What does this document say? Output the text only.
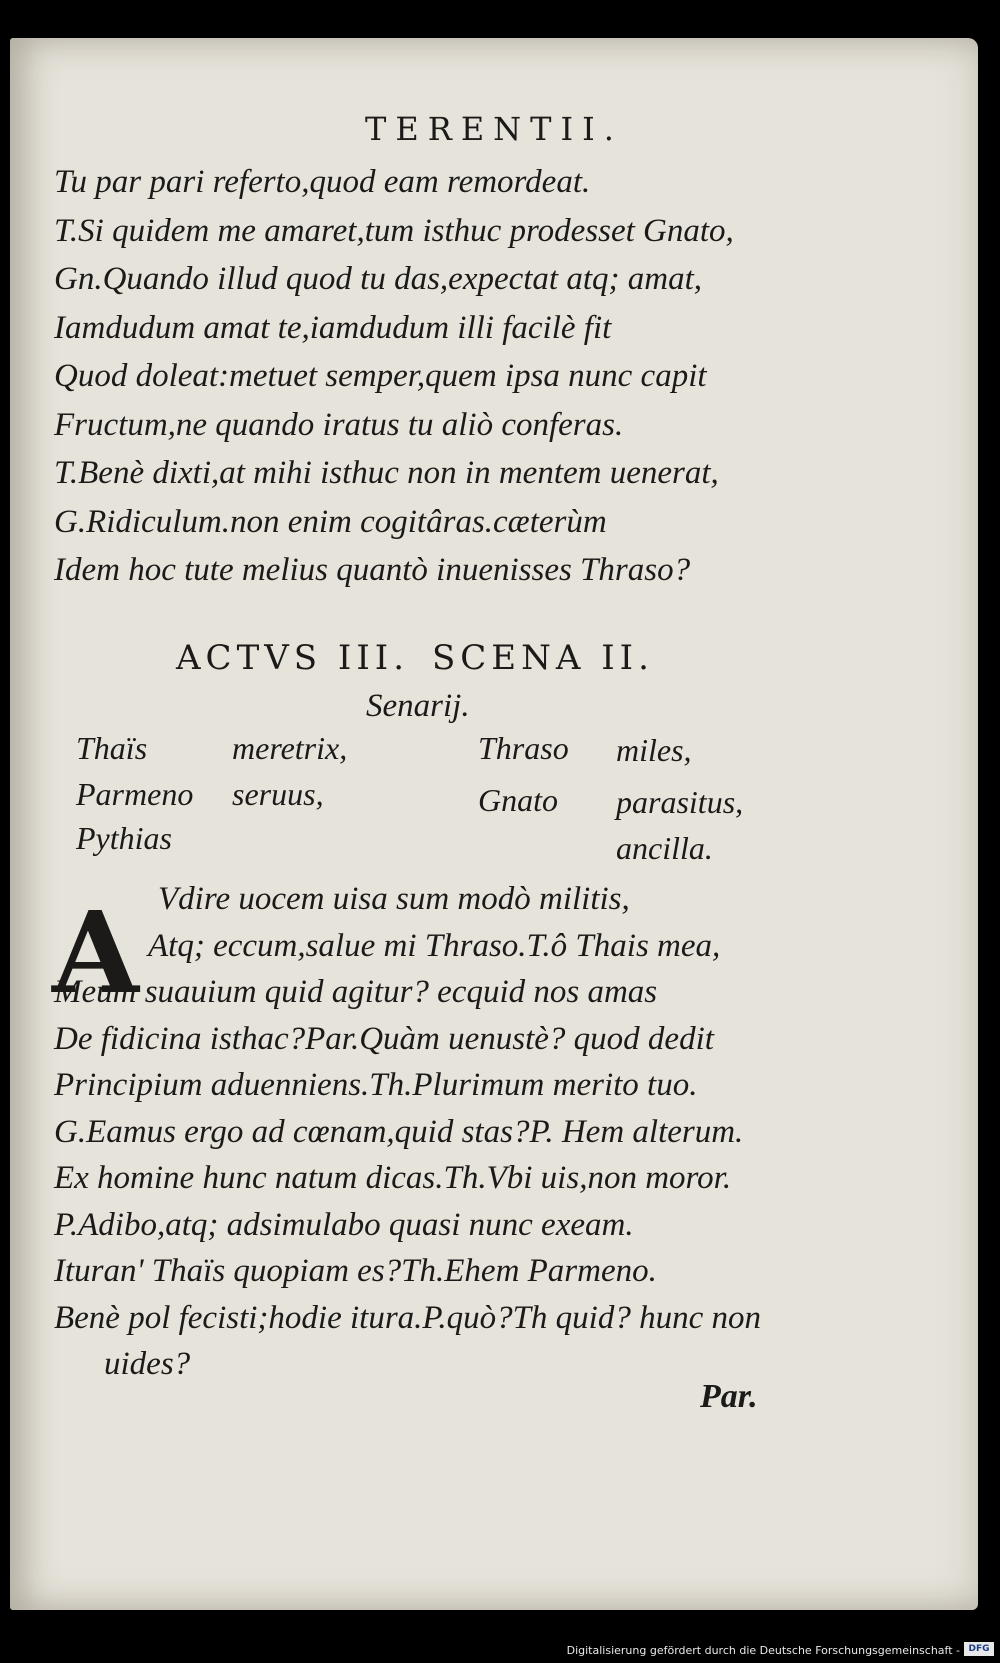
TERENTII.
Tu par pari referto,quod eam remordeat.
T.Si quidem me amaret,tum isthuc prodesset Gnato,
Gn.Quando illud quod tu das,expectat atq; amat,
Iamdudum amat te,iamdudum illi facilè fit
Quod doleat:metuet semper,quem ipsa nunc capit
Fructum,ne quando iratus tu aliò conferas.
T.Benè dixti,at mihi isthuc non in mentem uenerat,
G.Ridiculum.non enim cogitâras.cæterùm
Idem hoc tute melius quantò inuenisses Thraso?
ACTVS III. SCENA II.
Senarij.
Thaïs	meretrix,	Thraso miles,
Parmeno seruus,	Gnato parasitus,
Pythias	ancilla.
A Vdire uocem uisa sum modò militis,
Atq; eccum,salue mi Thraso.T.ô Thais mea,
Meum suauium quid agitur? ecquid nos amas
De fidicina isthac?Par.Quàm uenustè? quod dedit
Principium aduenniens.Th.Plurimum merito tuo.
G.Eamus ergo ad cœnam,quid stas?P. Hem alterum.
Ex homine hunc natum dicas.Th.Vbi uis,non moror.
P.Adibo,atq; adsimulabo quasi nunc exeam.
Ituran' Thaïs quopiam es?Th.Ehem Parmeno.
Benè pol fecisti;hodie itura.P.quò?Th quid? hunc non
uides?
Par.
Digitalisierung gefördert durch die Deutsche Forschungsgemeinschaft - DFG
